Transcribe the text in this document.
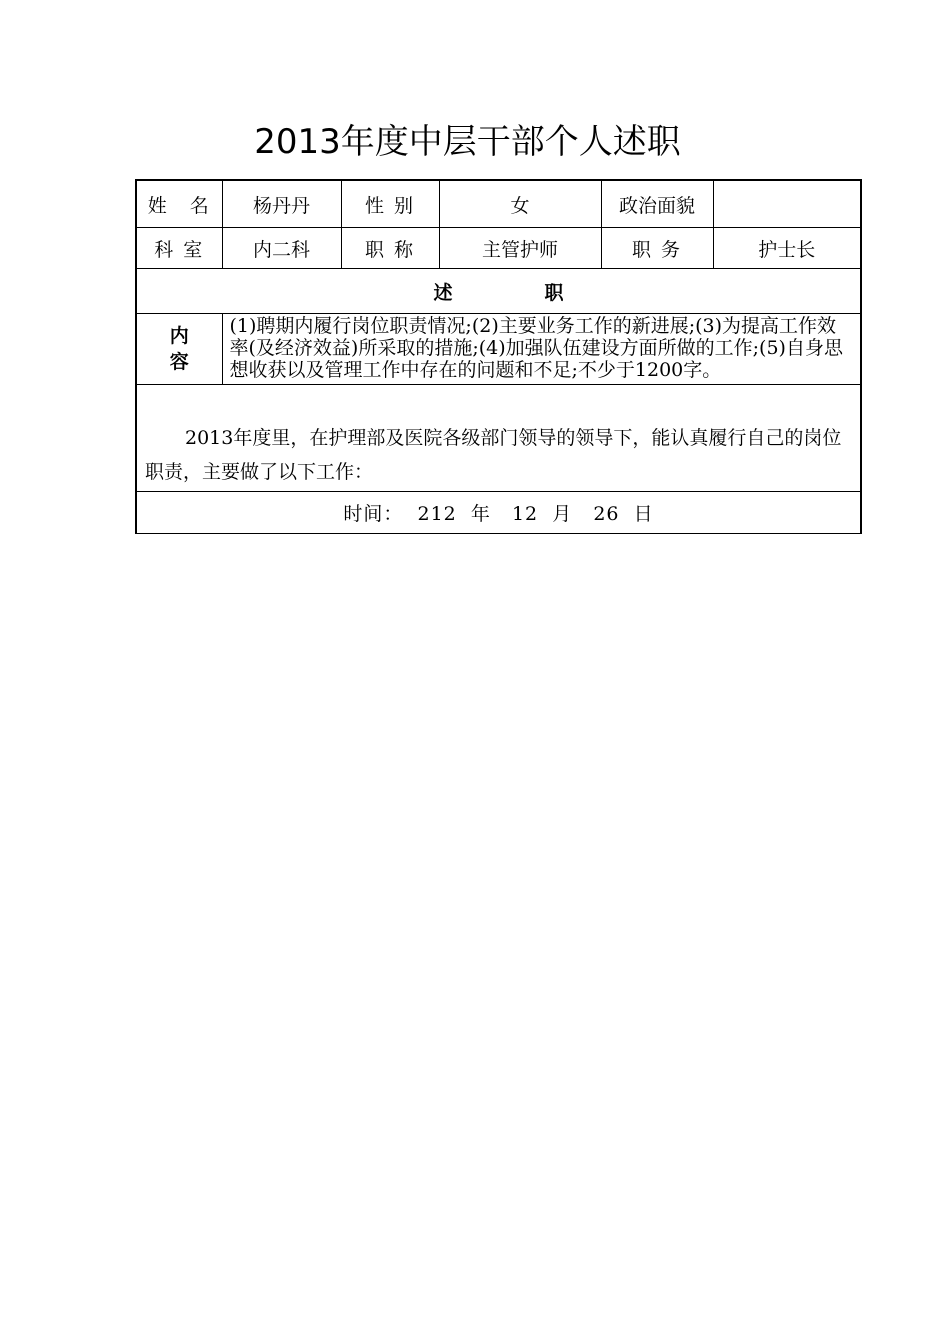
2013年度中层干部个人述职
姓　名	杨丹丹	性 别	女	政治面貌	
科 室	内二科	职 称	主管护师	职 务	护士长
述 职					

内
容	(1)聘期内履行岗位职责情况;(2)主要业务工作的新进展;(3)为提高工作效率(及经济效益)所采取的措施;(4)加强队伍建设方面所做的工作;(5)自身思想收获以及管理工作中存在的问题和不足;不少于1200字。				

2013年度里，在护理部及医院各级部门领导的领导下，能认真履行自己的岗位职责，主要做了以下工作：					

时间：  212  年   12  月   26  日					
